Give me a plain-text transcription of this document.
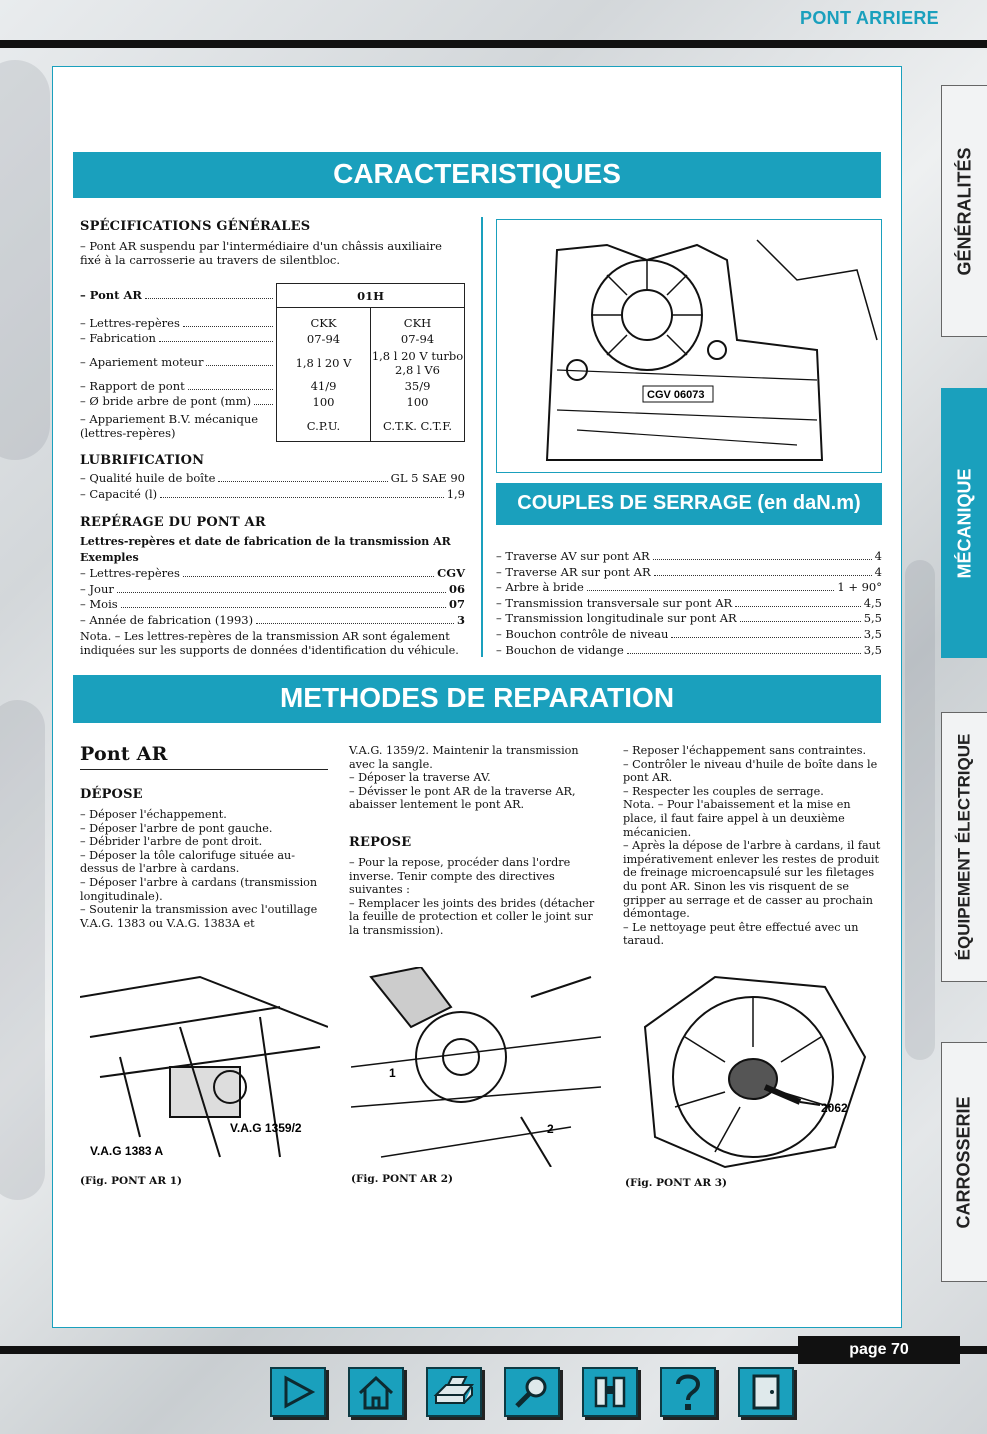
PONT ARRIERE
CARACTERISTIQUES
SPÉCIFICATIONS GÉNÉRALES
– Pont AR suspendu par l'intermédiaire d'un châssis auxiliaire fixé à la carrosserie au travers de silentbloc.
– Pont AR	01H	

– Lettres-repères	CKK	CKH

– Fabrication	07-94	07-94

– Apariement moteur	1,8 l 20 V	1,8 l 20 V turbo 2,8 l V6

– Rapport de pont	41/9	35/9

– Ø bride arbre de pont (mm)	100	100
– Appariement B.V. mécanique (lettres-repères)	C.P.U.	C.T.K. C.T.F.
LUBRIFICATION
– Qualité huile de boîte	GL 5 SAE 90
– Capacité (l)	1,9
REPÉRAGE DU PONT AR
Lettres-repères et date de fabrication de la transmission AR
Exemples
– Lettres-repères	CGV
– Jour	06
– Mois	07
– Année de fabrication (1993)	3
Nota. – Les lettres-repères de la transmission AR sont également indiquées sur les supports de données d'identification du véhicule.
CGV 06073
COUPLES DE SERRAGE (en daN.m)
– Traverse AV sur pont AR	4
– Traverse AR sur pont AR	4
– Arbre à bride	1 + 90°
– Transmission transversale sur pont AR	4,5
– Transmission longitudinale sur pont AR	5,5
– Bouchon contrôle de niveau	3,5
– Bouchon de vidange	3,5
METHODES DE REPARATION
Pont AR
DÉPOSE
– Déposer l'échappement.
– Déposer l'arbre de pont gauche.
– Débrider l'arbre de pont droit.
– Déposer la tôle calorifuge située au-dessus de l'arbre à cardans.
– Déposer l'arbre à cardans (transmission longitudinale).
– Soutenir la transmission avec l'outillage V.A.G. 1383 ou V.A.G. 1383A et
V.A.G. 1359/2. Maintenir la transmission avec la sangle.
– Déposer la traverse AV.
– Dévisser le pont AR de la traverse AR, abaisser lentement le pont AR.
REPOSE
– Pour la repose, procéder dans l'ordre inverse. Tenir compte des directives suivantes :
– Remplacer les joints des brides (détacher la feuille de protection et coller le joint sur la transmission).
– Reposer l'échappement sans contraintes.
– Contrôler le niveau d'huile de boîte dans le pont AR.
– Respecter les couples de serrage.
Nota. – Pour l'abaissement et la mise en place, il faut faire appel à un deuxième mécanicien.
– Après la dépose de l'arbre à cardans, il faut impérativement enlever les restes de produit de freinage microencapsulé sur les filetages du pont AR. Sinon les vis risquent de se gripper au serrage et de casser au prochain démontage.
– Le nettoyage peut être effectué avec un taraud.
V.A.G 1383 A
V.A.G 1359/2
(Fig. PONT AR 1)
1
2
(Fig. PONT AR 2)
2062
(Fig. PONT AR 3)
GÉNÉRALITÉS
MÉCANIQUE
ÉQUIPEMENT ÉLECTRIQUE
CARROSSERIE
page 70
